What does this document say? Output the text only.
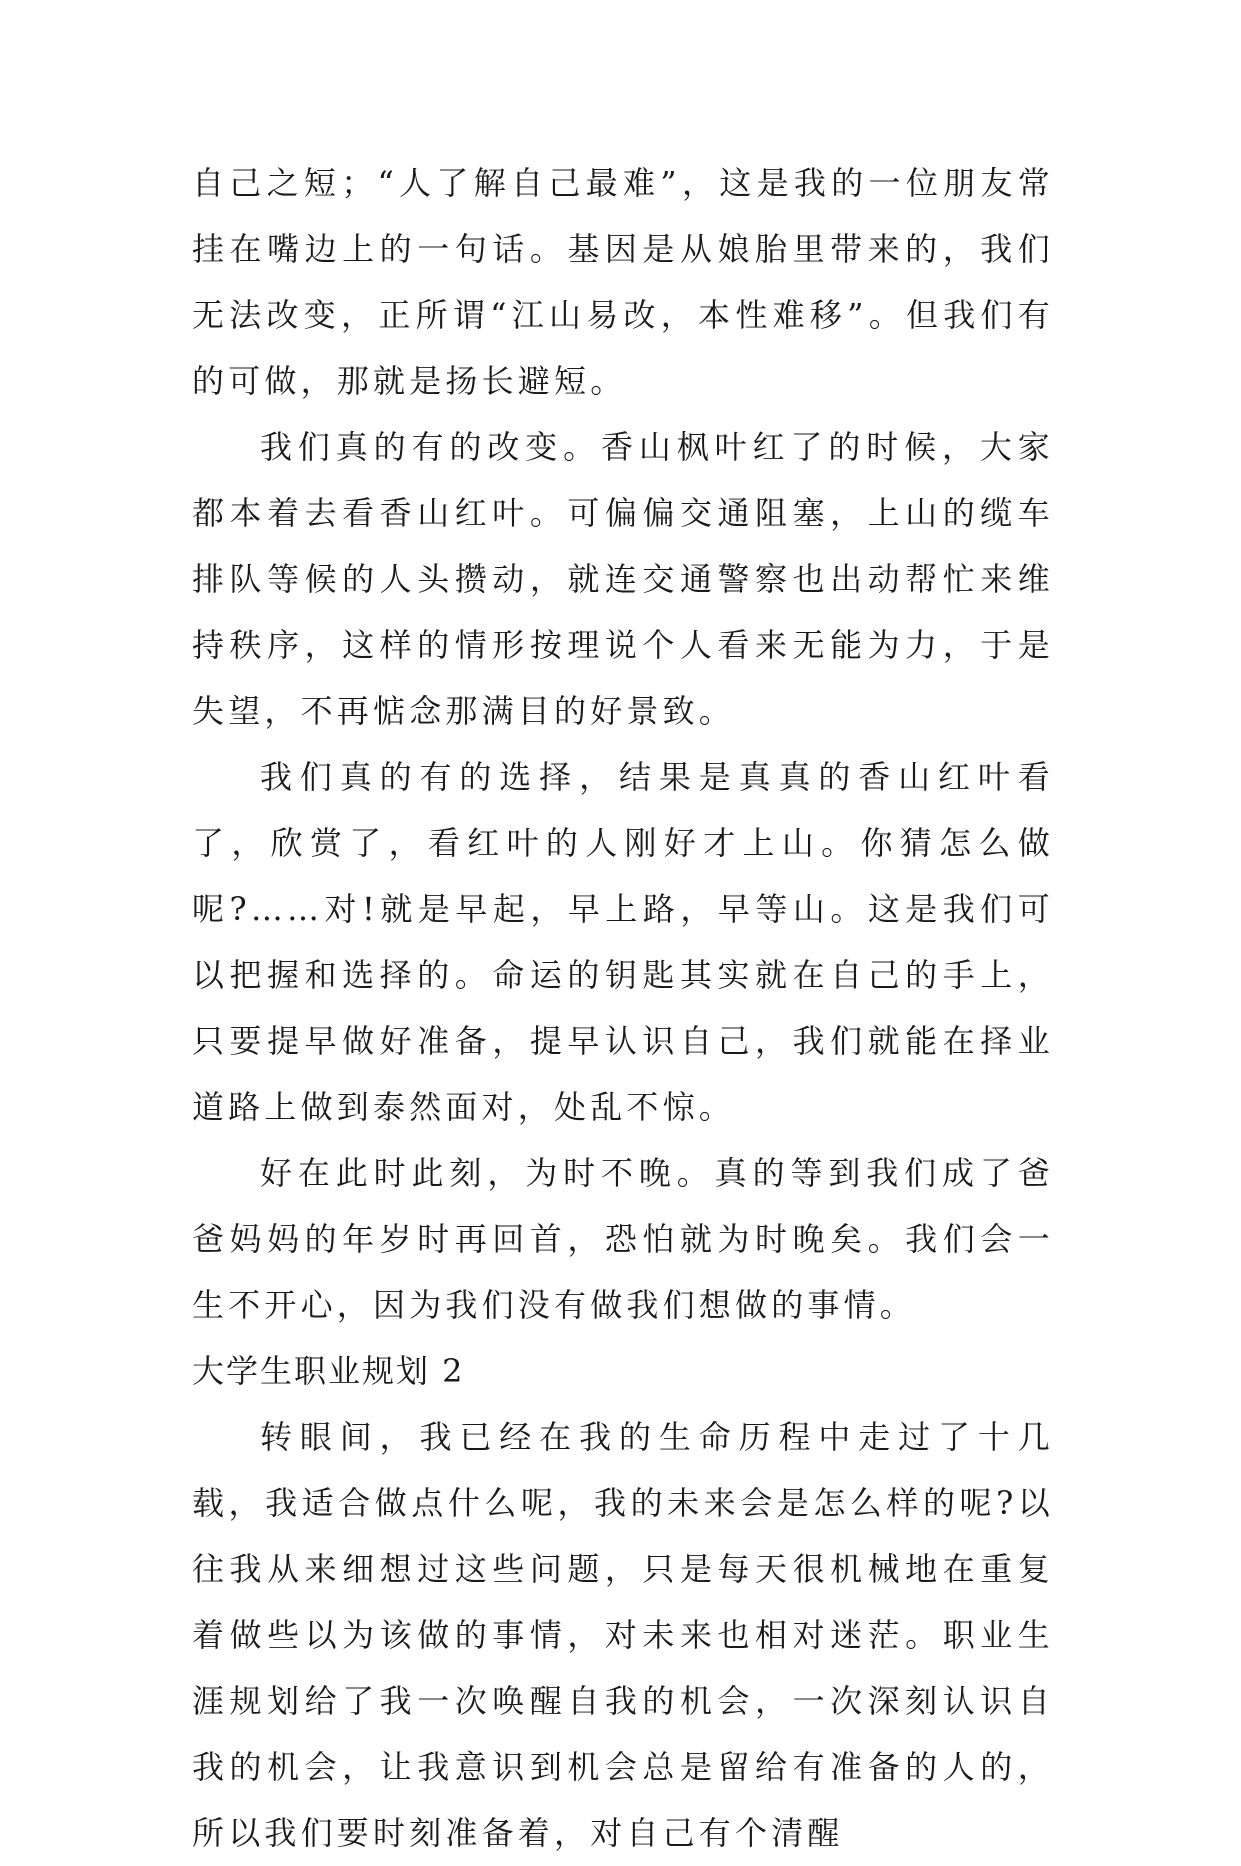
自己之短；“人了解自己最难”，这是我的一位朋友常挂在嘴边上的一句话。基因是从娘胎里带来的，我们无法改变，正所谓“江山易改，本性难移”。但我们有的可做，那就是扬长避短。

我们真的有的改变。香山枫叶红了的时候，大家都本着去看香山红叶。可偏偏交通阻塞，上山的缆车排队等候的人头攒动，就连交通警察也出动帮忙来维持秩序，这样的情形按理说个人看来无能为力，于是失望，不再惦念那满目的好景致。

我们真的有的选择，结果是真真的香山红叶看了，欣赏了，看红叶的人刚好才上山。你猜怎么做呢?……对!就是早起，早上路，早等山。这是我们可以把握和选择的。命运的钥匙其实就在自己的手上，只要提早做好准备，提早认识自己，我们就能在择业道路上做到泰然面对，处乱不惊。

好在此时此刻，为时不晚。真的等到我们成了爸爸妈妈的年岁时再回首，恐怕就为时晚矣。我们会一生不开心，因为我们没有做我们想做的事情。

大学生职业规划 2

转眼间，我已经在我的生命历程中走过了十几载，我适合做点什么呢，我的未来会是怎么样的呢?以往我从来细想过这些问题，只是每天很机械地在重复着做些以为该做的事情，对未来也相对迷茫。职业生涯规划给了我一次唤醒自我的机会，一次深刻认识自我的机会，让我意识到机会总是留给有准备的人的，所以我们要时刻准备着，对自己有个清醒
